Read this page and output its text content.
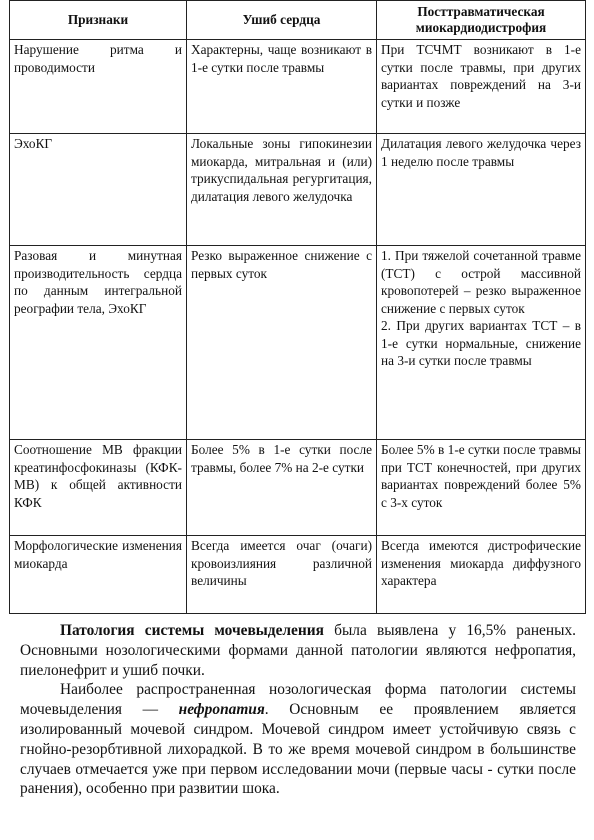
Признаки	Ушиб сердца	Посттравматическая миокардиодистрофия
Нарушение ритма и проводимости	Характерны, чаще возникают в 1-е сутки после травмы	При ТСЧМТ возникают в 1-е сутки после травмы, при других вариантах повреждений на 3-и сутки и позже
ЭхоКГ	Локальные зоны гипокинезии миокарда, митральная и (или) трикуспидальная регургитация, дилатация левого желудочка	Дилатация левого желудочка через 1 неделю после травмы
Разовая и минутная производительность сердца по данным интегральной реографии тела, ЭхоКГ	Резко выраженное снижение с первых суток	1. При тяжелой сочетанной травме (ТСТ) с острой массивной кровопотерей – резко выраженное снижение с первых суток
2. При других вариантах ТСТ – в 1-е сутки нормальные, снижение на 3-и сутки после травмы

Соотношение МВ фракции креатинфосфокиназы (КФК-МВ) к общей активности КФК	Более 5% в 1-е сутки после травмы, более 7% на 2-е сутки	Более 5% в 1-е сутки после травмы при ТСТ конечностей, при других вариантах повреждений более 5% с 3-х суток
Морфологические изменения миокарда	Всегда имеется очаг (очаги) кровоизлияния различной величины	Всегда имеются дистрофические изменения миокарда диффузного характера

Патология системы мочевыделения была выявлена у 16,5% раненых. Основными нозологическими формами данной патологии являются нефропатия, пиелонефрит и ушиб почки.

Наиболее распространенная нозологическая форма патологии системы мочевыделения — нефропатия. Основным ее проявлением является изолированный мочевой синдром. Мочевой синдром имеет устойчивую связь с гнойно-резорбтивной лихорадкой. В то же время мочевой синдром в большинстве случаев отмечается уже при первом исследовании мочи (первые часы - сутки после ранения), особенно при развитии шока.
